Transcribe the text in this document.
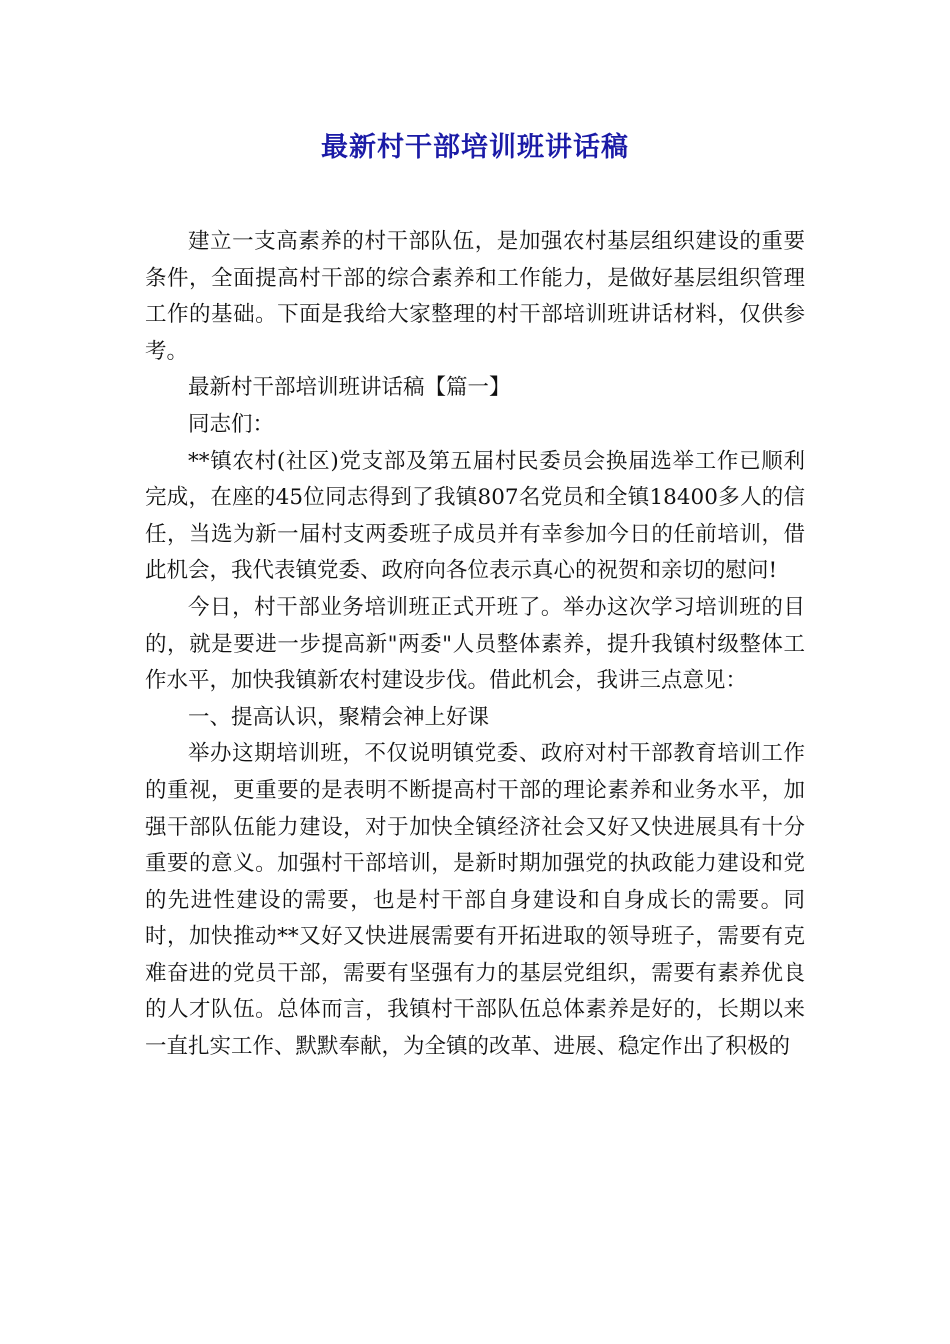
最新村干部培训班讲话稿

建立一支高素养的村干部队伍，是加强农村基层组织建设的重要条件，全面提高村干部的综合素养和工作能力，是做好基层组织管理工作的基础。下面是我给大家整理的村干部培训班讲话材料，仅供参考。

最新村干部培训班讲话稿【篇一】

同志们：

**镇农村(社区)党支部及第五届村民委员会换届选举工作已顺利完成，在座的45位同志得到了我镇807名党员和全镇18400多人的信任，当选为新一届村支两委班子成员并有幸参加今日的任前培训，借此机会，我代表镇党委、政府向各位表示真心的祝贺和亲切的慰问!

今日，村干部业务培训班正式开班了。举办这次学习培训班的目的，就是要进一步提高新"两委"人员整体素养，提升我镇村级整体工作水平，加快我镇新农村建设步伐。借此机会，我讲三点意见：

一、提高认识，聚精会神上好课

举办这期培训班，不仅说明镇党委、政府对村干部教育培训工作的重视，更重要的是表明不断提高村干部的理论素养和业务水平，加强干部队伍能力建设，对于加快全镇经济社会又好又快进展具有十分重要的意义。加强村干部培训，是新时期加强党的执政能力建设和党的先进性建设的需要，也是村干部自身建设和自身成长的需要。同时，加快推动**又好又快进展需要有开拓进取的领导班子，需要有克难奋进的党员干部，需要有坚强有力的基层党组织，需要有素养优良的人才队伍。总体而言，我镇村干部队伍总体素养是好的，长期以来一直扎实工作、默默奉献，为全镇的改革、进展、稳定作出了积极的
